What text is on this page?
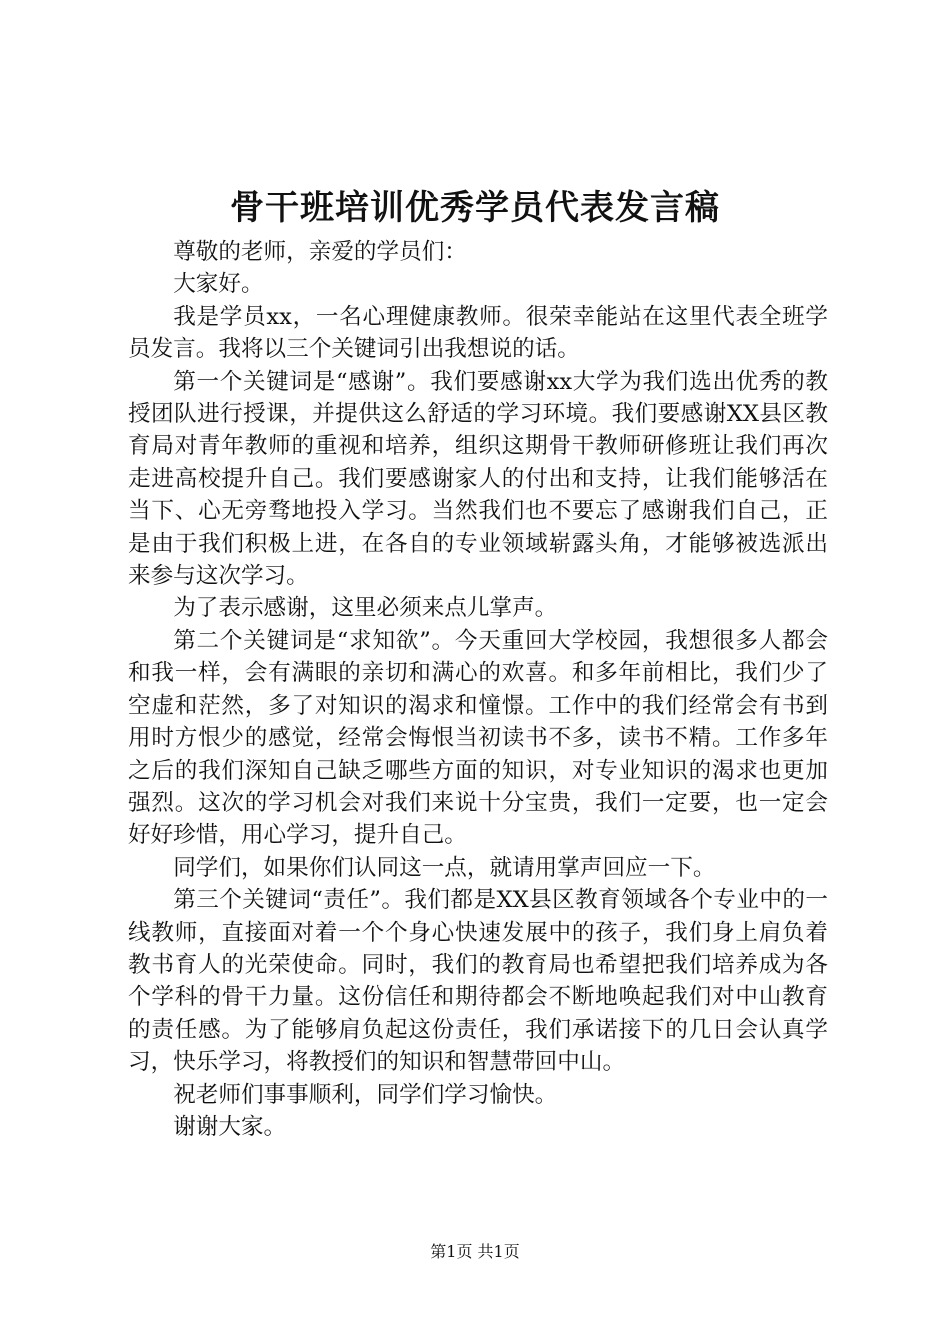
骨干班培训优秀学员代表发言稿

尊敬的老师，亲爱的学员们：

大家好。

我是学员xx，一名心理健康教师。很荣幸能站在这里代表全班学员发言。我将以三个关键词引出我想说的话。

第一个关键词是“感谢”。我们要感谢xx大学为我们选出优秀的教授团队进行授课，并提供这么舒适的学习环境。我们要感谢XX县区教育局对青年教师的重视和培养，组织这期骨干教师研修班让我们再次走进高校提升自己。我们要感谢家人的付出和支持，让我们能够活在当下、心无旁骛地投入学习。当然我们也不要忘了感谢我们自己，正是由于我们积极上进，在各自的专业领域崭露头角，才能够被选派出来参与这次学习。

为了表示感谢，这里必须来点儿掌声。

第二个关键词是“求知欲”。今天重回大学校园，我想很多人都会和我一样，会有满眼的亲切和满心的欢喜。和多年前相比，我们少了空虚和茫然，多了对知识的渴求和憧憬。工作中的我们经常会有书到用时方恨少的感觉，经常会悔恨当初读书不多，读书不精。工作多年之后的我们深知自己缺乏哪些方面的知识，对专业知识的渴求也更加强烈。这次的学习机会对我们来说十分宝贵，我们一定要，也一定会好好珍惜，用心学习，提升自己。

同学们，如果你们认同这一点，就请用掌声回应一下。

第三个关键词“责任”。我们都是XX县区教育领域各个专业中的一线教师，直接面对着一个个身心快速发展中的孩子，我们身上肩负着教书育人的光荣使命。同时，我们的教育局也希望把我们培养成为各个学科的骨干力量。这份信任和期待都会不断地唤起我们对中山教育的责任感。为了能够肩负起这份责任，我们承诺接下的几日会认真学习，快乐学习，将教授们的知识和智慧带回中山。

祝老师们事事顺利，同学们学习愉快。

谢谢大家。

第1页 共1页
